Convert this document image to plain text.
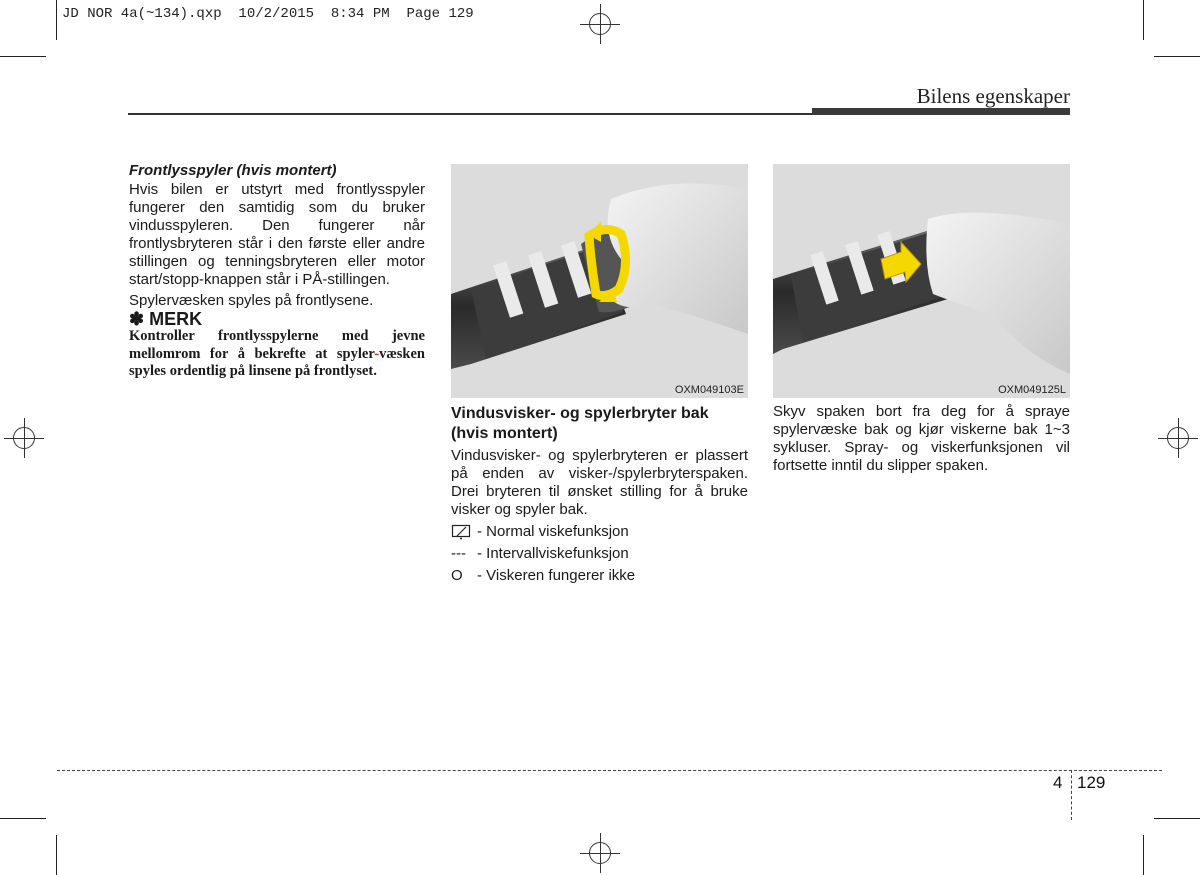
JD NOR 4a(~134).qxp  10/2/2015  8:34 PM  Page 129
Bilens egenskaper

Frontlysspyler (hvis montert)

Hvis bilen er utstyrt med frontlysspyler fungerer den samtidig som du bruker vindusspyleren. Den fungerer når frontlysbryteren står i den første eller andre stillingen og tenningsbryteren eller motor start/stopp-knappen står i PÅ-stillingen.

Spylervæsken spyles på frontlysene.

✽ MERK

Kontroller frontlysspylerne med jevne mellomrom for å bekrefte at spyler-væsken spyles ordentlig på linsene på frontlyset.

OXM049103E

Vindusvisker- og spylerbryter bak (hvis montert)

Vindusvisker- og spylerbryteren er plassert på enden av visker-/spylerbryterspaken. Drei bryteren til ønsket stilling for å bruke visker og spyler bak.

- Normal viskefunksjon
--- - Intervallviskefunksjon
O - Viskeren fungerer ikke
OXM049125L

Skyv spaken bort fra deg for å spraye spylervæske bak og kjør viskerne bak 1~3 sykluser. Spray- og viskerfunksjonen vil fortsette inntil du slipper spaken.

4 129
